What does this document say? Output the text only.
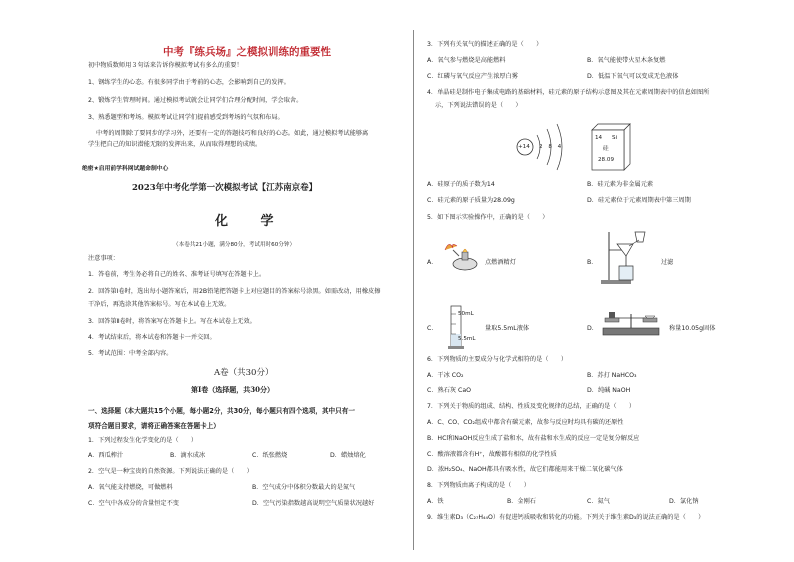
中考『练兵场』之模拟训练的重要性
初中物质数师用３句话来告诉你模拟考试有多么的重要！
1、钢练学生的心态。有很多同学由于考前的心态，会影响到自己的发挥。
2、锻炼学生管理时间。通过模拟考试就会让同学们合理分配时间，学会取舍。
3、熟悉题型和考场。模拟考试让同学们提前感受到考场的气氛和布局。
中考的周期除了要同步的学习外，还要有一定的答题技巧和良好的心态。如此，通过模拟考试能够离
学生把自己的知识潜能无限的发挥出来，从而取得理想的成绩。
绝密★启用前学科网试题命制中心
2023年中考化学第一次模拟考试【江苏南京卷】
化 学
（本卷共21小题，满分80分，考试用时60分钟）
注意事项：
1．答卷前，考生务必将自己的姓名、准考证号填写在答题卡上。
2．回答第Ⅰ卷时，选出每小题答案后，用2B铅笔把答题卡上对应题目的答案标号涂黑。如需改动，用橡皮擦
干净后，再选涂其他答案标号。写在本试卷上无效。
3．回答第Ⅱ卷时，将答案写在答题卡上。写在本试卷上无效。
4．考试结束后，将本试卷和答题卡一并交回。
5．考试范围：中考全部内容。
A卷（共30分）
第Ⅰ卷（选择题，共30分）
一、选择题（本大题共15个小题，每小题2分，共30分，每小题只有四个选项，其中只有一
项符合题目要求，请将正确答案在答题卡上）
1．下列过程发生化学变化的是（　　）
A．西瓜榨汁	B．滴水成冰	C．纸张燃烧	D．蜡烛熔化
2．空气是一种宝贵的自然资源。下列说法正确的是（　　）
A．氧气能支持燃烧，可做燃料	B．空气成分中体积分数最大的是氮气
C．空气中各成分的含量恒定不变	D．空气污染指数越高说明空气质量状况越好
3．下列有关氧气的描述正确的是（　　）
A．氧气参与燃烧是高能燃料	B．氧气能使带火星木条复燃
C．红磷与氧气反应产生浓厚白雾	D．低温下氧气可以变成无色液体
4．单晶硅是制作电子集成电路的基础材料，硅元素的原子结构示意图及其在元素周期表中的信息如图所
示，下列说法错误的是（　　）
+14 2 8 4
14 Si
硅
28.09
A．硅原子的质子数为14	B．硅元素为非金属元素
C．硅元素的原子质量为28.09g	D．硅元素位于元素周期表中第三周期
5．如下图示实验操作中，正确的是（　　）
A．	点燃酒精灯	B．	过滤
C．
50mL
5.5mL
量取5.5mL液体	D．	称量10.05g固体
6．下列物质的主要成分与化学式相符的是（　　）
A．干冰 CO₂	B．苏打 NaHCO₃
C．熟石灰 CaO	D．纯碱 NaOH
7．下列关于物质的组成、结构、性质及变化规律的总结，正确的是（　　）
A．C、CO、CO₂组成中都含有碳元素，故参与反应时均具有碳的还原性
B．HCl和NaOH反应生成了盐和水，故有盐和水生成的反应一定是复分解反应
C．酸溶液都含有H⁺，故酸都有相似的化学性质
D．浓H₂SO₄、NaOH都具有吸水性，故它们都能用来干燥二氧化碳气体
8．下列物质由离子构成的是（　　）
A．铁	B．金刚石	C．氦气	D．氯化钠
9．维生素D₃（C₂₇H₄₄O）有促进钙质吸收和转化的功能。下列关于维生素D₃的说法正确的是（　　）
